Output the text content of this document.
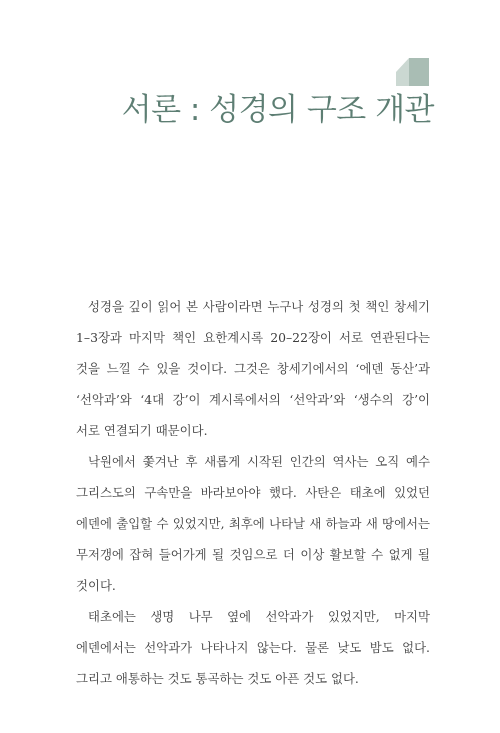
서론 : 성경의 구조 개관

성경을 깊이 읽어 본 사람이라면 누구나 성경의 첫 책인 창세기 1–3장과 마지막 책인 요한계시록 20–22장이 서로 연관된다는 것을 느낄 수 있을 것이다. 그것은 창세기에서의 ‘에덴 동산’과 ‘선악과’와 ‘4대 강’이 계시록에서의 ‘선악과’와 ‘생수의 강’이 서로 연결되기 때문이다.

낙원에서 쫓겨난 후 새롭게 시작된 인간의 역사는 오직 예수 그리스도의 구속만을 바라보아야 했다. 사탄은 태초에 있었던 에덴에 출입할 수 있었지만, 최후에 나타날 새 하늘과 새 땅에서는 무저갱에 잡혀 들어가게 될 것임으로 더 이상 활보할 수 없게 될 것이다.

태초에는 생명 나무 옆에 선악과가 있었지만, 마지막 에덴에서는 선악과가 나타나지 않는다. 물론 낮도 밤도 없다. 그리고 애통하는 것도 통곡하는 것도 아픈 것도 없다.
